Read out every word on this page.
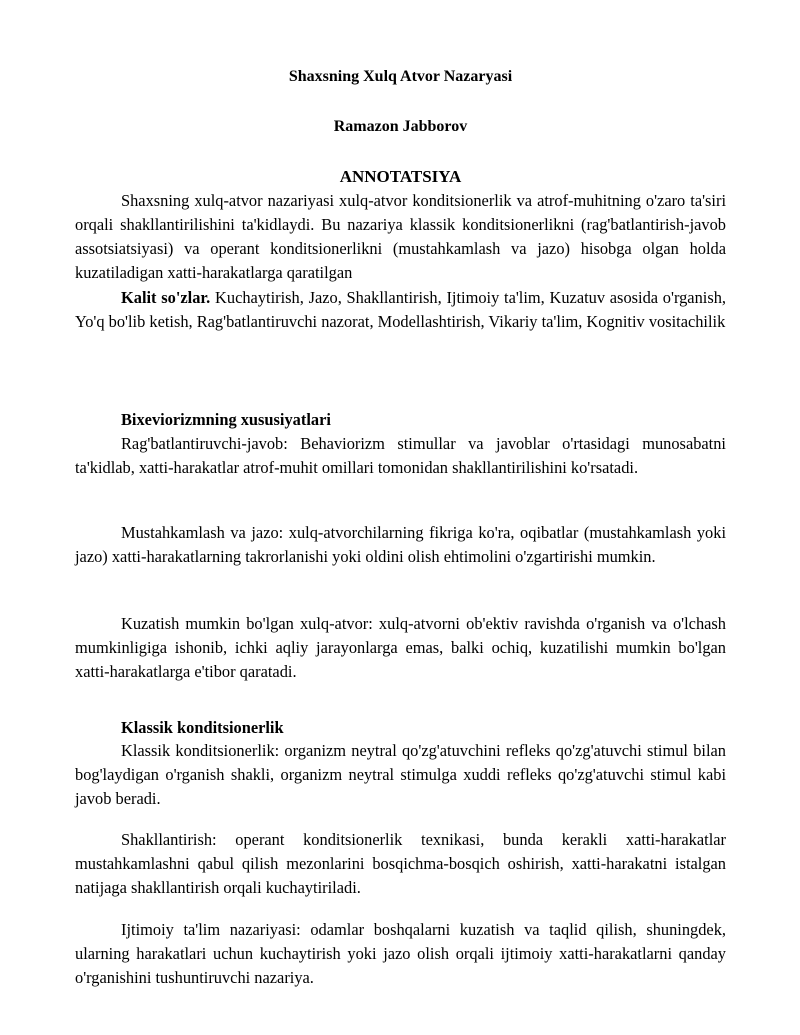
Shaxsning Xulq Atvor Nazaryasi
Ramazon Jabborov
ANNOTATSIYA

Shaxsning xulq-atvor nazariyasi xulq-atvor konditsionerlik va atrof-muhitning o'zaro ta'siri orqali shakllantirilishini ta'kidlaydi. Bu nazariya klassik konditsionerlikni (rag'batlantirish-javob assotsiatsiyasi) va operant konditsionerlikni (mustahkamlash va jazo) hisobga olgan holda kuzatiladigan xatti-harakatlarga qaratilgan

Kalit so'zlar. Kuchaytirish, Jazo, Shakllantirish, Ijtimoiy ta'lim, Kuzatuv asosida o'rganish, Yo'q bo'lib ketish, Rag'batlantiruvchi nazorat, Modellashtirish, Vikariy ta'lim, Kognitiv vositachilik

Bixeviorizmning xususiyatlari

Rag'batlantiruvchi-javob: Behaviorizm stimullar va javoblar o'rtasidagi munosabatni ta'kidlab, xatti-harakatlar atrof-muhit omillari tomonidan shakllantirilishini ko'rsatadi.

Mustahkamlash va jazo: xulq-atvorchilarning fikriga ko'ra, oqibatlar (mustahkamlash yoki jazo) xatti-harakatlarning takrorlanishi yoki oldini olish ehtimolini o'zgartirishi mumkin.

Kuzatish mumkin bo'lgan xulq-atvor: xulq-atvorni ob'ektiv ravishda o'rganish va o'lchash mumkinligiga ishonib, ichki aqliy jarayonlarga emas, balki ochiq, kuzatilishi mumkin bo'lgan xatti-harakatlarga e'tibor qaratadi.

Klassik konditsionerlik

Klassik konditsionerlik: organizm neytral qo'zg'atuvchini refleks qo'zg'atuvchi stimul bilan bog'laydigan o'rganish shakli, organizm neytral stimulga xuddi refleks qo'zg'atuvchi stimul kabi javob beradi.

Shakllantirish: operant konditsionerlik texnikasi, bunda kerakli xatti-harakatlar mustahkamlashni qabul qilish mezonlarini bosqichma-bosqich oshirish, xatti-harakatni istalgan natijaga shakllantirish orqali kuchaytiriladi.

Ijtimoiy ta'lim nazariyasi: odamlar boshqalarni kuzatish va taqlid qilish, shuningdek, ularning harakatlari uchun kuchaytirish yoki jazo olish orqali ijtimoiy xatti-harakatlarni qanday o'rganishini tushuntiruvchi nazariya.
